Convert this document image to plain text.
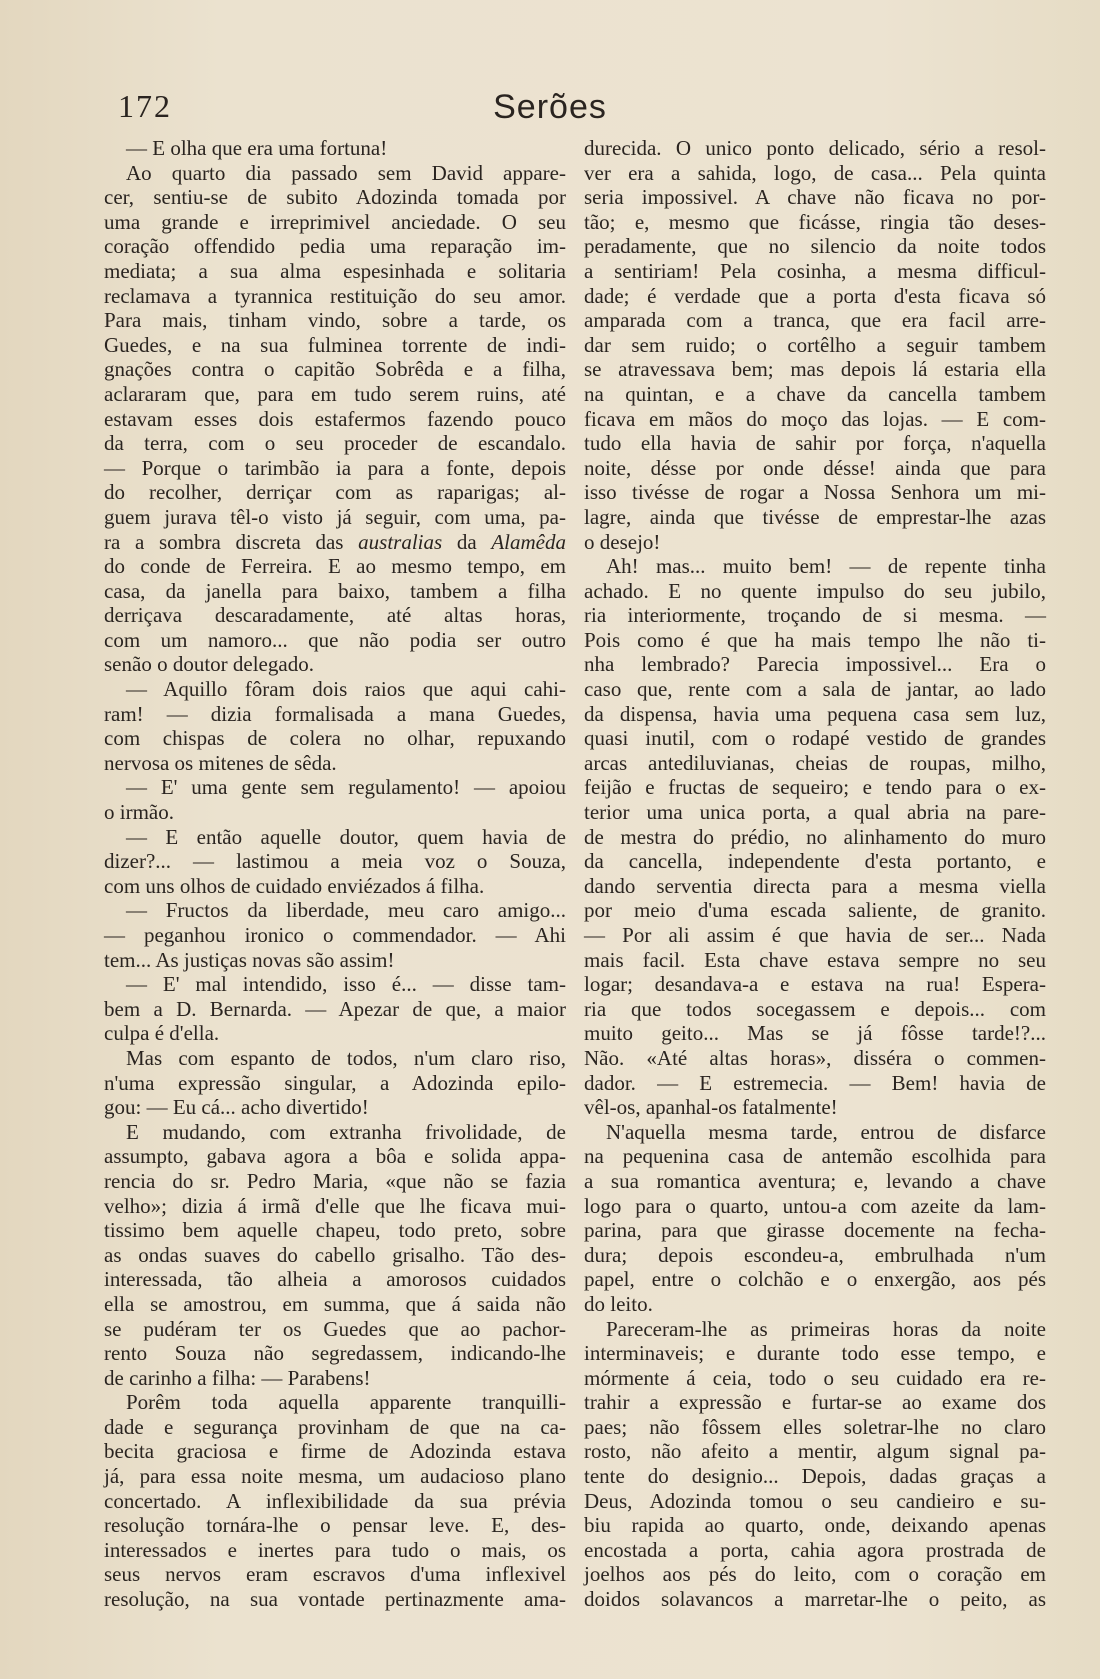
172	Serões
— E olha que era uma fortuna!
Ao quarto dia passado sem David appare-
cer, sentiu-se de subito Adozinda tomada por
uma grande e irreprimivel anciedade. O seu
coração offendido pedia uma reparação im-
mediata; a sua alma espesinhada e solitaria
reclamava a tyrannica restituição do seu amor.
Para mais, tinham vindo, sobre a tarde, os
Guedes, e na sua fulminea torrente de indi-
gnações contra o capitão Sobrêda e a filha,
aclararam que, para em tudo serem ruins, até
estavam esses dois estafermos fazendo pouco
da terra, com o seu proceder de escandalo.
— Porque o tarimbão ia para a fonte, depois
do recolher, derriçar com as raparigas; al-
guem jurava têl-o visto já seguir, com uma, pa-
ra a sombra discreta das australias da Alamêda
do conde de Ferreira. E ao mesmo tempo, em
casa, da janella para baixo, tambem a filha
derriçava descaradamente, até altas horas,
com um namoro... que não podia ser outro
senão o doutor delegado.
— Aquillo fôram dois raios que aqui cahi-
ram! — dizia formalisada a mana Guedes,
com chispas de colera no olhar, repuxando
nervosa os mitenes de sêda.
— E' uma gente sem regulamento! — apoiou
o irmão.
— E então aquelle doutor, quem havia de
dizer?... — lastimou a meia voz o Souza,
com uns olhos de cuidado enviézados á filha.
— Fructos da liberdade, meu caro amigo...
— peganhou ironico o commendador. — Ahi
tem... As justiças novas são assim!
— E' mal intendido, isso é... — disse tam-
bem a D. Bernarda. — Apezar de que, a maior
culpa é d'ella.
Mas com espanto de todos, n'um claro riso,
n'uma expressão singular, a Adozinda epilo-
gou: — Eu cá... acho divertido!
E mudando, com extranha frivolidade, de
assumpto, gabava agora a bôa e solida appa-
rencia do sr. Pedro Maria, «que não se fazia
velho»; dizia á irmã d'elle que lhe ficava mui-
tissimo bem aquelle chapeu, todo preto, sobre
as ondas suaves do cabello grisalho. Tão des-
interessada, tão alheia a amorosos cuidados
ella se amostrou, em summa, que á saida não
se pudéram ter os Guedes que ao pachor-
rento Souza não segredassem, indicando-lhe
de carinho a filha: — Parabens!
Porêm toda aquella apparente tranquilli-
dade e segurança provinham de que na ca-
becita graciosa e firme de Adozinda estava
já, para essa noite mesma, um audacioso plano
concertado. A inflexibilidade da sua prévia
resolução tornára-lhe o pensar leve. E, des-
interessados e inertes para tudo o mais, os
seus nervos eram escravos d'uma inflexivel
resolução, na sua vontade pertinazmente ama-
durecida. O unico ponto delicado, sério a resol-
ver era a sahida, logo, de casa... Pela quinta
seria impossivel. A chave não ficava no por-
tão; e, mesmo que ficásse, ringia tão deses-
peradamente, que no silencio da noite todos
a sentiriam! Pela cosinha, a mesma difficul-
dade; é verdade que a porta d'esta ficava só
amparada com a tranca, que era facil arre-
dar sem ruido; o cortêlho a seguir tambem
se atravessava bem; mas depois lá estaria ella
na quintan, e a chave da cancella tambem
ficava em mãos do moço das lojas. — E com-
tudo ella havia de sahir por força, n'aquella
noite, désse por onde désse! ainda que para
isso tivésse de rogar a Nossa Senhora um mi-
lagre, ainda que tivésse de emprestar-lhe azas
o desejo!
Ah! mas... muito bem! — de repente tinha
achado. E no quente impulso do seu jubilo,
ria interiormente, troçando de si mesma. —
Pois como é que ha mais tempo lhe não ti-
nha lembrado? Parecia impossivel... Era o
caso que, rente com a sala de jantar, ao lado
da dispensa, havia uma pequena casa sem luz,
quasi inutil, com o rodapé vestido de grandes
arcas antediluvianas, cheias de roupas, milho,
feijão e fructas de sequeiro; e tendo para o ex-
terior uma unica porta, a qual abria na pare-
de mestra do prédio, no alinhamento do muro
da cancella, independente d'esta portanto, e
dando serventia directa para a mesma viella
por meio d'uma escada saliente, de granito.
— Por ali assim é que havia de ser... Nada
mais facil. Esta chave estava sempre no seu
logar; desandava-a e estava na rua! Espera-
ria que todos socegassem e depois... com
muito geito... Mas se já fôsse tarde!?...
Não. «Até altas horas», disséra o commen-
dador. — E estremecia. — Bem! havia de
vêl-os, apanhal-os fatalmente!
N'aquella mesma tarde, entrou de disfarce
na pequenina casa de antemão escolhida para
a sua romantica aventura; e, levando a chave
logo para o quarto, untou-a com azeite da lam-
parina, para que girasse docemente na fecha-
dura; depois escondeu-a, embrulhada n'um
papel, entre o colchão e o enxergão, aos pés
do leito.
Pareceram-lhe as primeiras horas da noite
interminaveis; e durante todo esse tempo, e
mórmente á ceia, todo o seu cuidado era re-
trahir a expressão e furtar-se ao exame dos
paes; não fôssem elles soletrar-lhe no claro
rosto, não afeito a mentir, algum signal pa-
tente do designio... Depois, dadas graças a
Deus, Adozinda tomou o seu candieiro e su-
biu rapida ao quarto, onde, deixando apenas
encostada a porta, cahia agora prostrada de
joelhos aos pés do leito, com o coração em
doidos solavancos a marretar-lhe o peito, as
